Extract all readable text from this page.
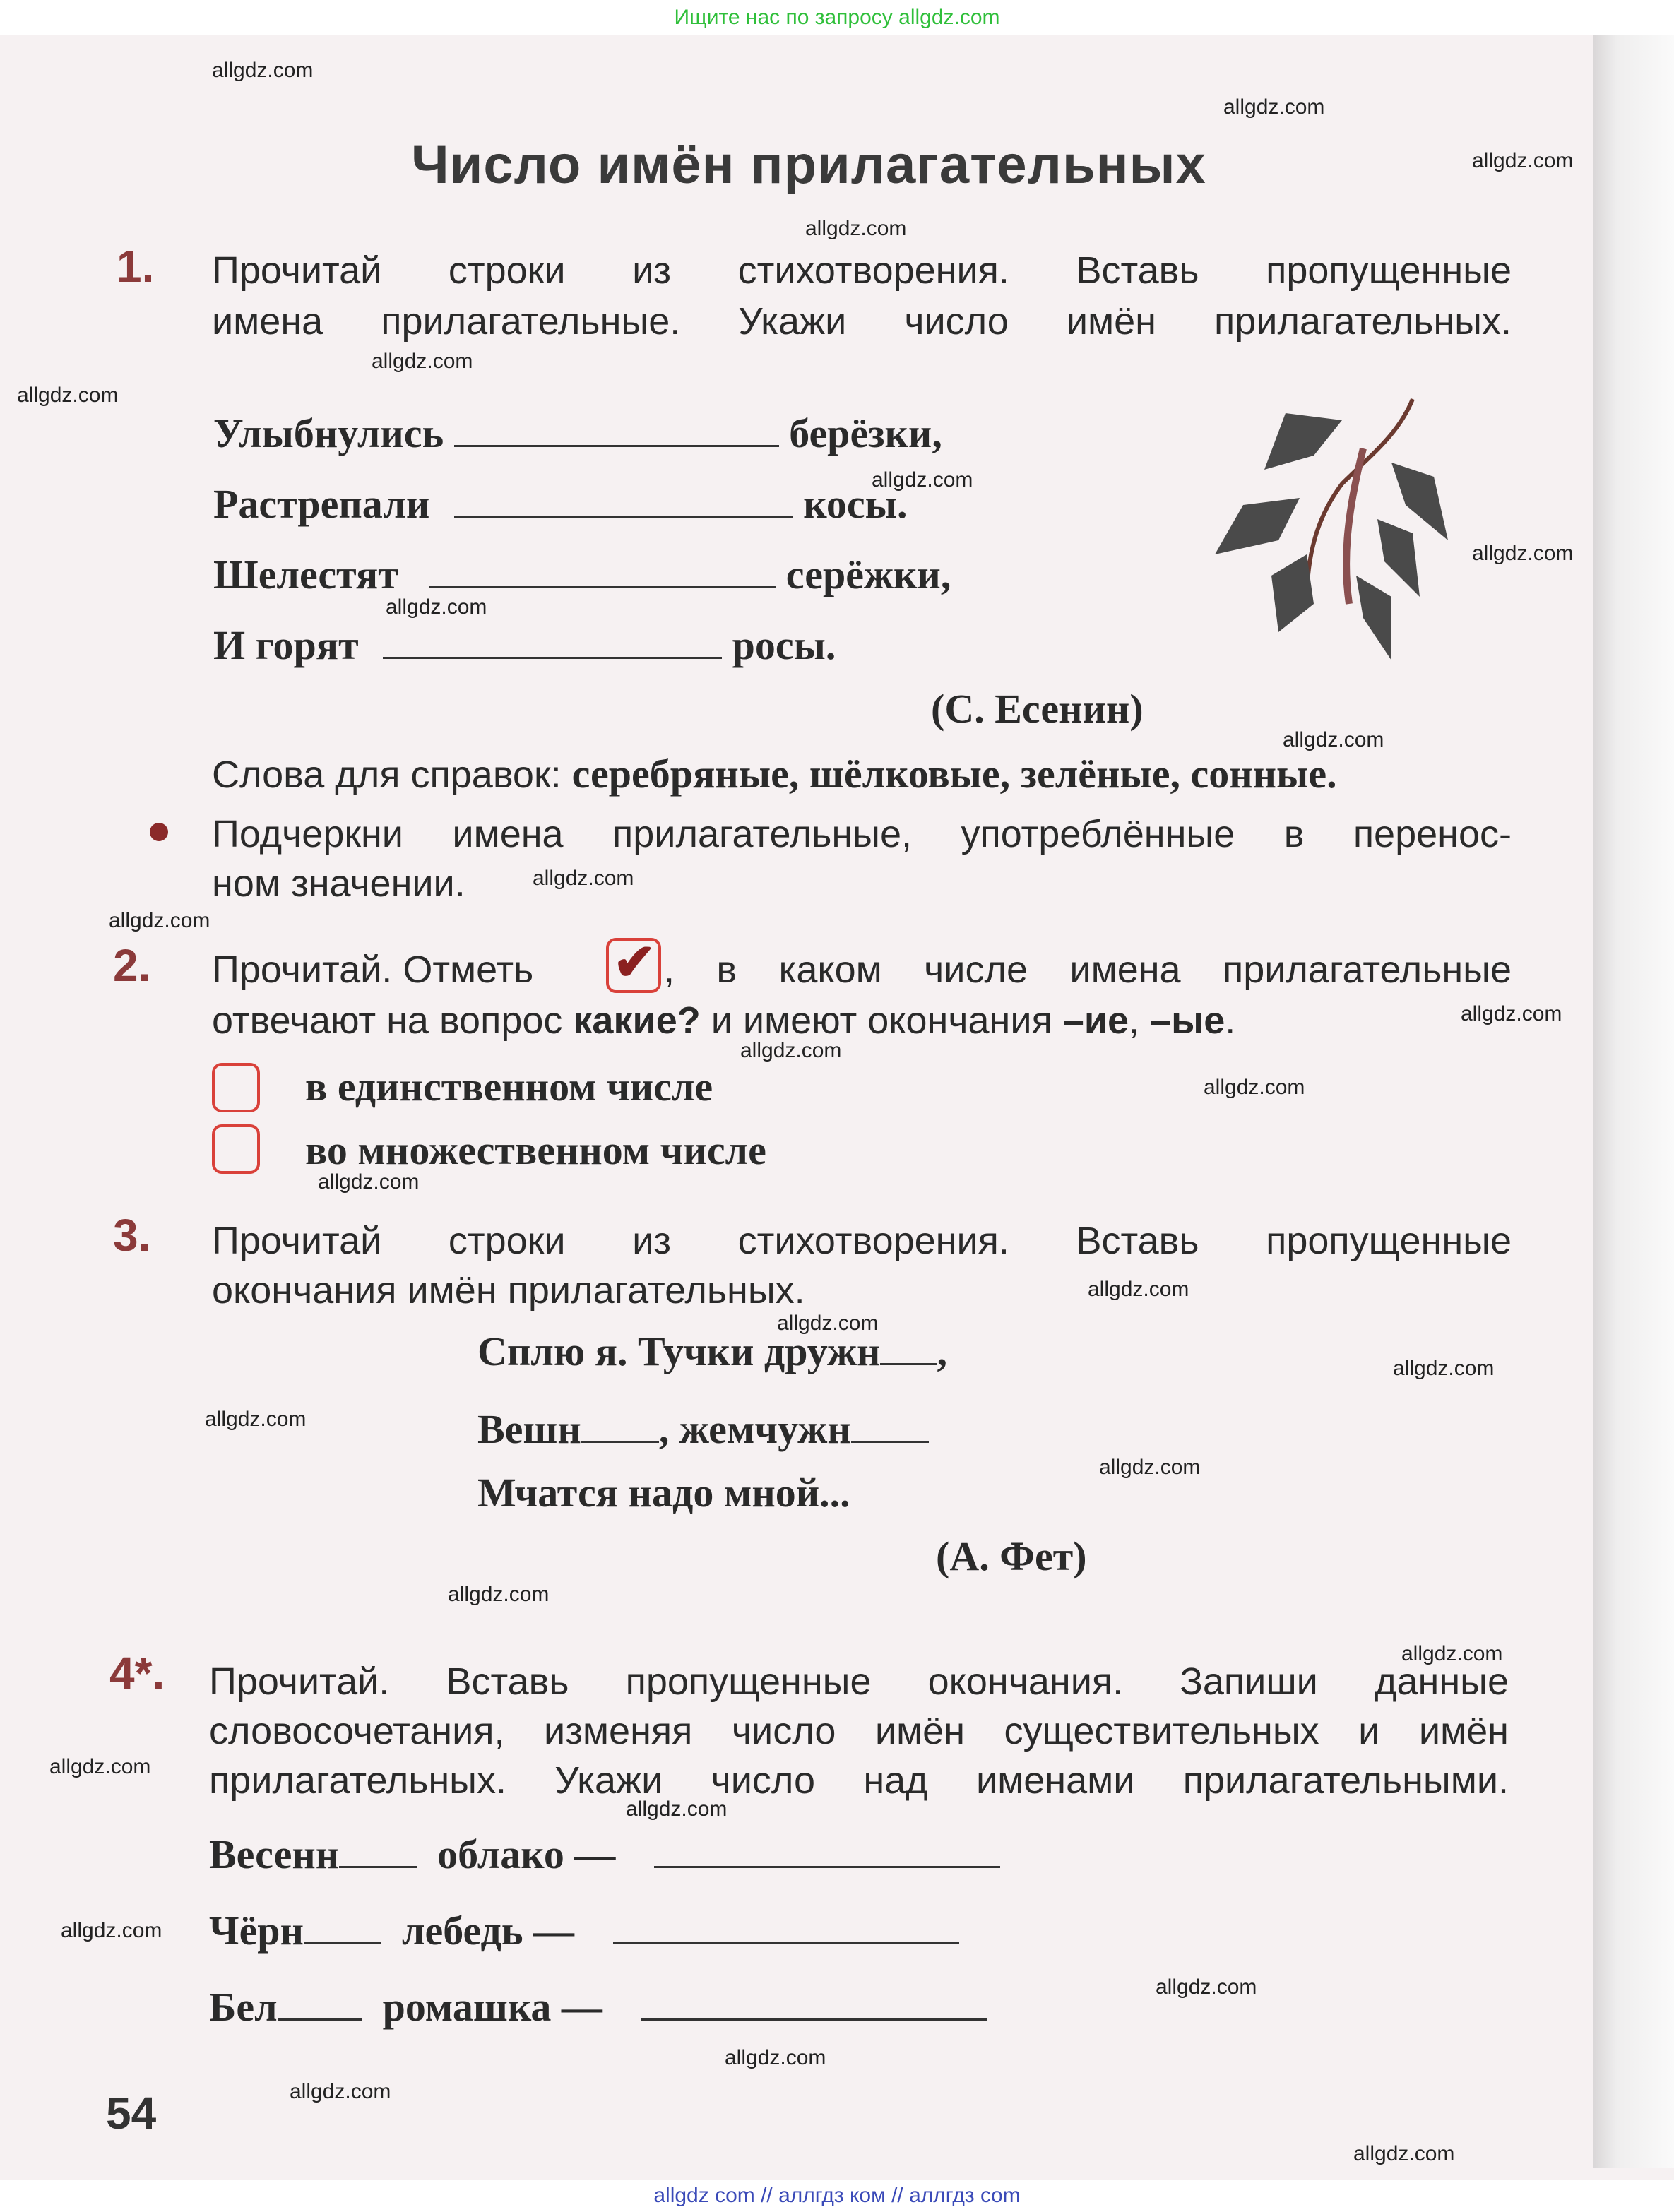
Ищите нас по запросу allgdz.com
Число имён прилагательных
1. Прочитай строки из стихотворения. Вставь пропущенные
имена прилагательные. Укажи число имён прилагательных.
Улыбнулись	берёзки,
Растрепали	косы.
Шелестят	серёжки,
И горят	росы.
(С. Есенин)
Слова для справок: серебряные, шёлковые, зелёные, сонные.
Подчеркни имена прилагательные, употреблённые в перенос-
ном значении.
2. Прочитай. Отметь	✔ , в каком числе имена прилагательные
отвечают на вопрос какие? и имеют окончания –ие, –ые.
в единственном числе
во множественном числе
3. Прочитай строки из стихотворения. Вставь пропущенные
окончания имён прилагательных.
Сплю я. Тучки дружн ,
Вешн , жемчужн
Мчатся надо мной...
(А. Фет)
4*. Прочитай. Вставь пропущенные окончания. Запиши данные
словосочетания, изменяя число имён существительных и имён
прилагательных. Укажи число над именами прилагательными.
Весенн облако —
Чёрн лебедь —
Бел	ромашка —
54
allgdz.com
allgdz.com
allgdz.com
allgdz.com
allgdz.com
allgdz.com
allgdz.com
allgdz.com
allgdz.com
allgdz.com
allgdz.com
allgdz.com
allgdz.com
allgdz.com
allgdz.com
allgdz.com
allgdz.com
allgdz.com
allgdz.com
allgdz.com
allgdz.com
allgdz.com
allgdz.com
allgdz.com
allgdz.com
allgdz.com
allgdz.com
allgdz.com
allgdz.com
allgdz.com
allgdz com // аллгдз ком // аллгдз com
